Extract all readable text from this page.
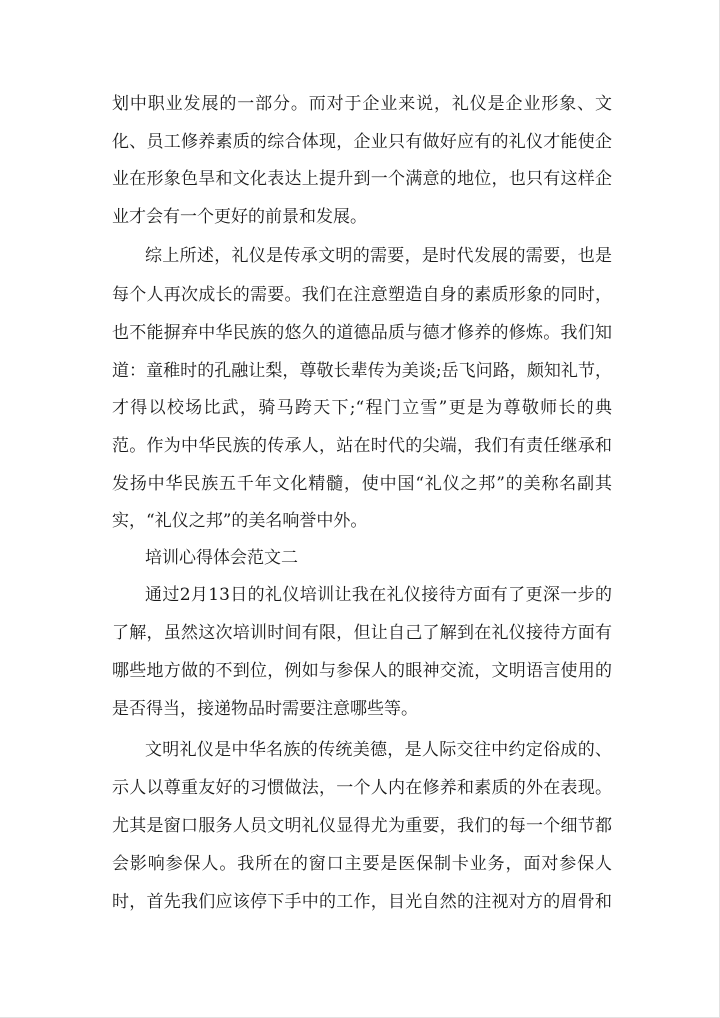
划中职业发展的一部分。而对于企业来说，礼仪是企业形象、文
化、员工修养素质的综合体现，企业只有做好应有的礼仪才能使企
业在形象色旱和文化表达上提升到一个满意的地位，也只有这样企
业才会有一个更好的前景和发展。
综上所述，礼仪是传承文明的需要，是时代发展的需要，也是
每个人再次成长的需要。我们在注意塑造自身的素质形象的同时，
也不能摒弃中华民族的悠久的道德品质与德才修养的修炼。我们知
道：童稚时的孔融让梨，尊敬长辈传为美谈;岳飞问路，颇知礼节，
才得以校场比武，骑马跨天下;“程门立雪”更是为尊敬师长的典
范。作为中华民族的传承人，站在时代的尖端，我们有责任继承和
发扬中华民族五千年文化精髓，使中国“礼仪之邦”的美称名副其
实，“礼仪之邦”的美名响誉中外。
培训心得体会范文二
通过2月13日的礼仪培训让我在礼仪接待方面有了更深一步的
了解，虽然这次培训时间有限，但让自己了解到在礼仪接待方面有
哪些地方做的不到位，例如与参保人的眼神交流，文明语言使用的
是否得当，接递物品时需要注意哪些等。
文明礼仪是中华名族的传统美德，是人际交往中约定俗成的、
示人以尊重友好的习惯做法，一个人内在修养和素质的外在表现。
尤其是窗口服务人员文明礼仪显得尤为重要，我们的每一个细节都
会影响参保人。我所在的窗口主要是医保制卡业务，面对参保人
时，首先我们应该停下手中的工作，目光自然的注视对方的眉骨和
